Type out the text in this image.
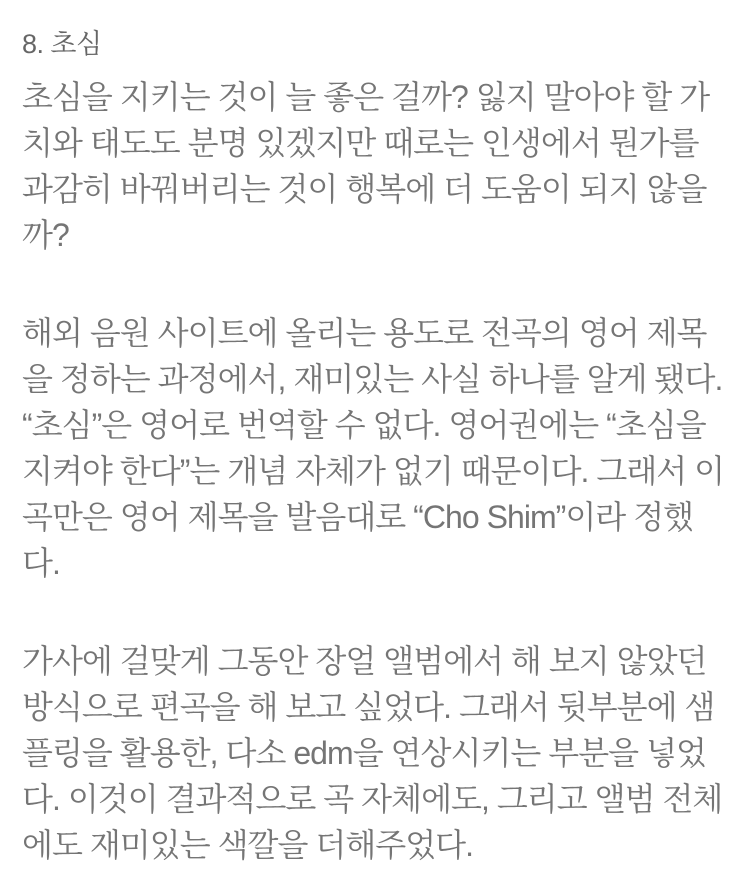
8. 초심

초심을 지키는 것이 늘 좋은 걸까? 잃지 말아야 할 가치와 태도도 분명 있겠지만 때로는 인생에서 뭔가를 과감히 바꿔버리는 것이 행복에 더 도움이 되지 않을까?

해외 음원 사이트에 올리는 용도로 전곡의 영어 제목을 정하는 과정에서, 재미있는 사실 하나를 알게 됐다. “초심”은 영어로 번역할 수 없다. 영어권에는 “초심을 지켜야 한다”는 개념 자체가 없기 때문이다. 그래서 이 곡만은 영어 제목을 발음대로 “Cho Shim”이라 정했다.

가사에 걸맞게 그동안 장얼 앨범에서 해 보지 않았던 방식으로 편곡을 해 보고 싶었다. 그래서 뒷부분에 샘플링을 활용한, 다소 edm을 연상시키는 부분을 넣었다. 이것이 결과적으로 곡 자체에도, 그리고 앨범 전체에도 재미있는 색깔을 더해주었다.
